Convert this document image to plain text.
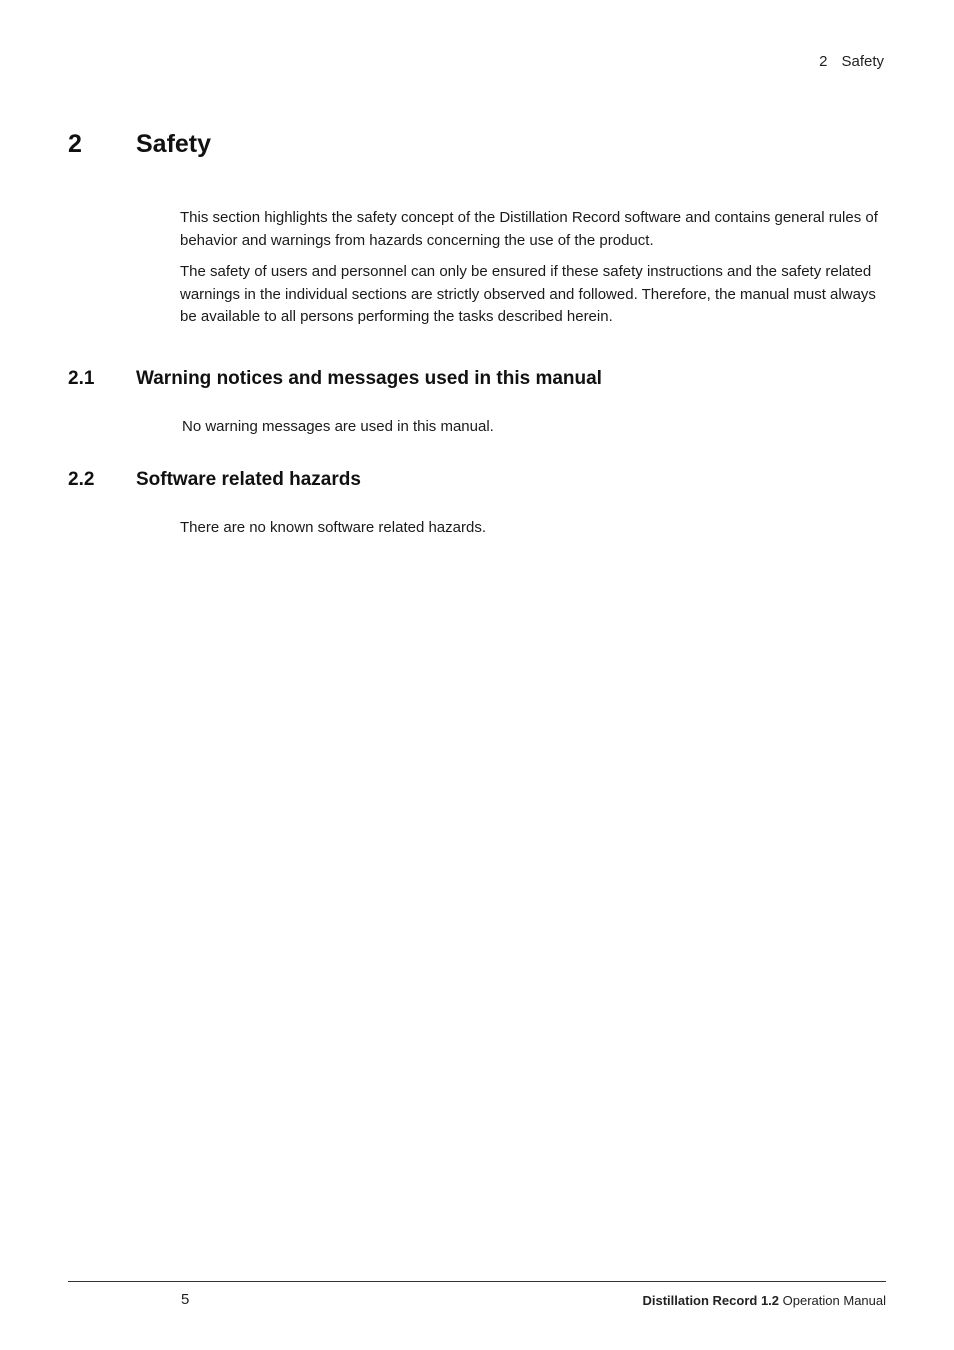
2 Safety
2 Safety
This section highlights the safety concept of the Distillation Record software and contains general rules of behavior and warnings from hazards concerning the use of the product.
The safety of users and personnel can only be ensured if these safety instructions and the safety related warnings in the individual sections are strictly observed and followed. Therefore, the manual must always be available to all persons performing the tasks described herein.
2.1 Warning notices and messages used in this manual
No warning messages are used in this manual.
2.2 Software related hazards
There are no known software related hazards.
5	Distillation Record 1.2 Operation Manual
